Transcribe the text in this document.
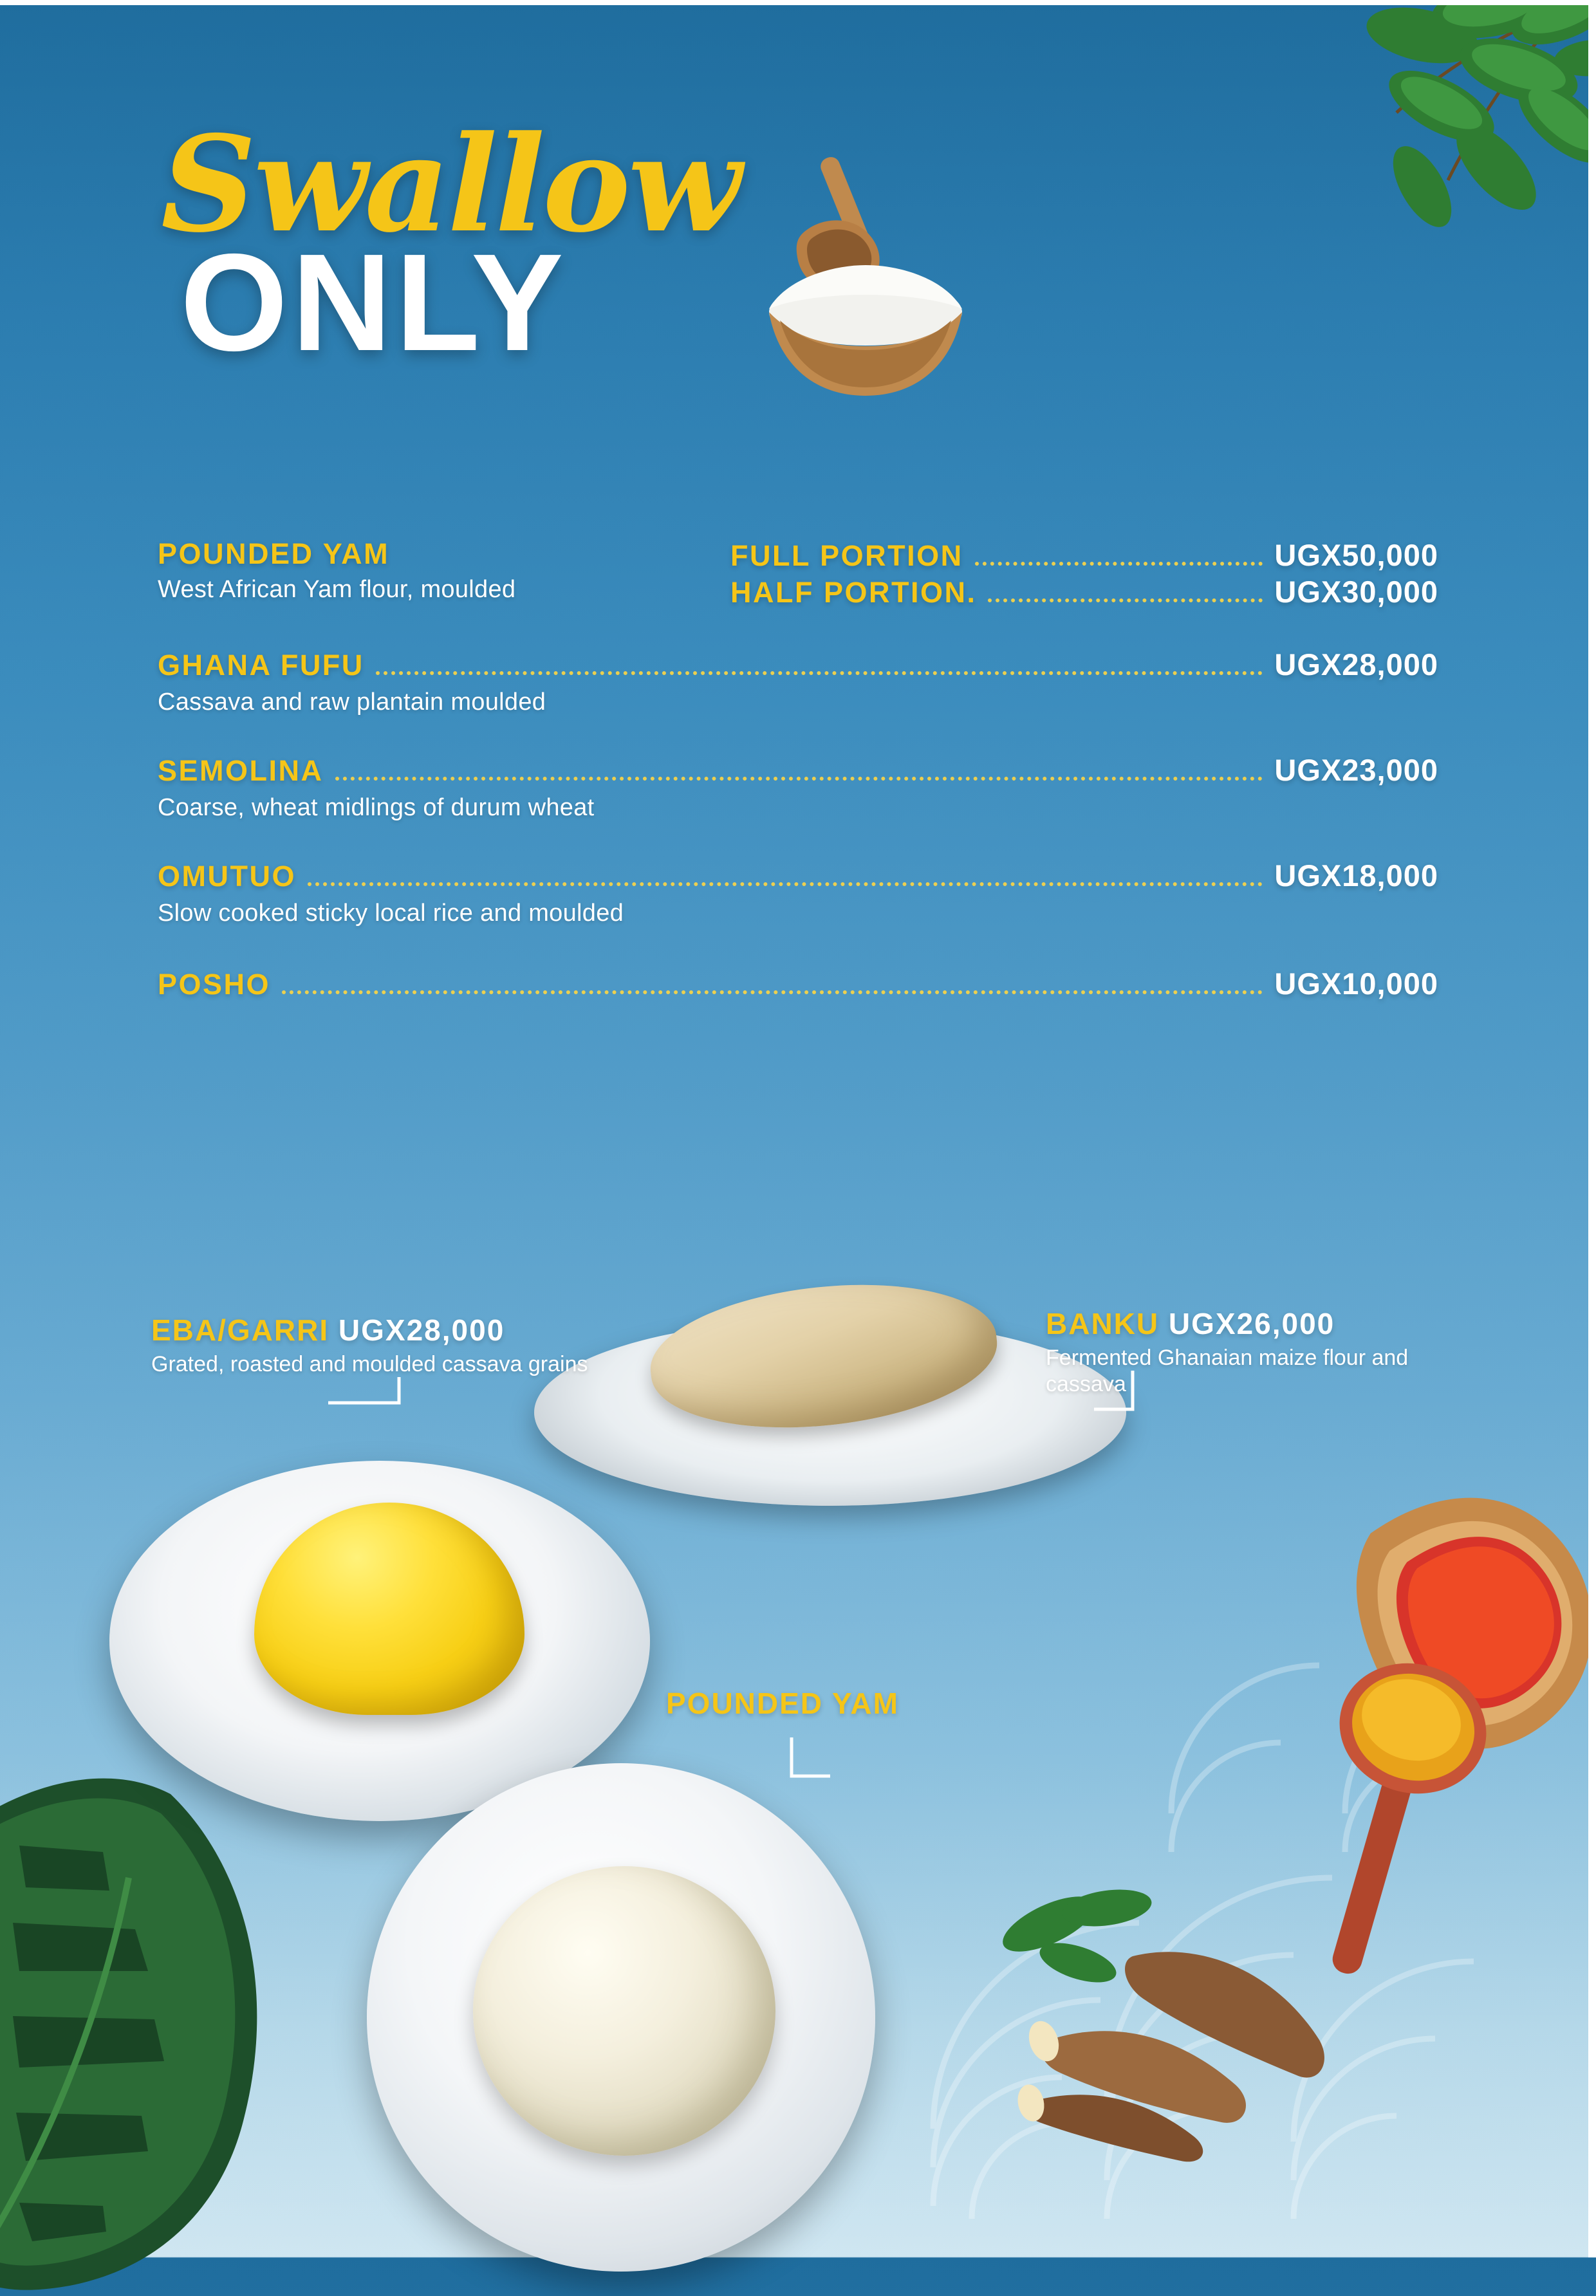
Swallow
ONLY
POUNDED YAM
West African Yam flour, moulded
FULL PORTION	UGX50,000
HALF PORTION.	UGX30,000
GHANA FUFU	UGX28,000
Cassava and raw plantain moulded
SEMOLINA	UGX23,000
Coarse, wheat midlings of durum wheat
OMUTUO	UGX18,000
Slow cooked sticky local rice and moulded
POSHO	UGX10,000
EBA/GARRI UGX28,000
Grated, roasted and moulded cassava grains
BANKU UGX26,000
Fermented Ghanaian maize flour and cassava
POUNDED YAM
